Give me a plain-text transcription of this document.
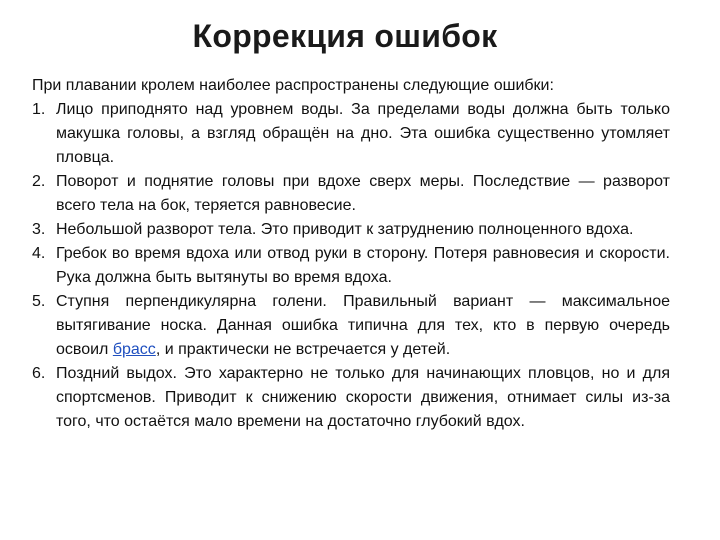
Коррекция ошибок

При плавании кролем наиболее распространены следующие ошибки:

1. Лицо приподнято над уровнем воды. За пределами воды должна быть только макушка головы, а взгляд обращён на дно. Эта ошибка существенно утомляет пловца.
2. Поворот и поднятие головы при вдохе сверх меры. Последствие — разворот всего тела на бок, теряется равновесие.
3. Небольшой разворот тела. Это приводит к затруднению полноценного вдоха.
4. Гребок во время вдоха или отвод руки в сторону. Потеря равновесия и скорости. Рука должна быть вытянуты во время вдоха.
5. Ступня перпендикулярна голени. Правильный вариант — максимальное вытягивание носка. Данная ошибка типична для тех, кто в первую очередь освоил брасс, и практически не встречается у детей.
6. Поздний выдох. Это характерно не только для начинающих пловцов, но и для спортсменов. Приводит к снижению скорости движения, отнимает силы из-за того, что остаётся мало времени на достаточно глубокий вдох.
